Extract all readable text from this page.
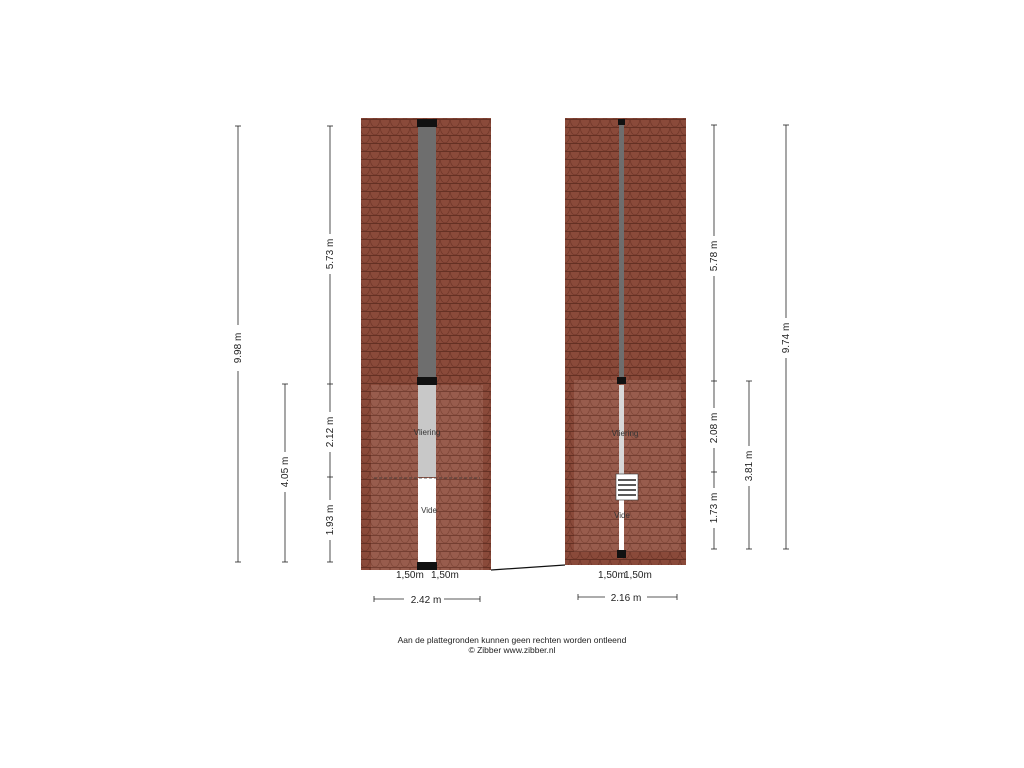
Vliering
Vide
1,50m 1,50m
Vliering
Vide
1,50m
1,50m
9.98 m
4.05 m
5.73 m
2.12 m
1.93 m
2.42 m
5.78 m
2.08 m
1.73 m
3.81 m
9.74 m
2.16 m
Aan de plattegronden kunnen geen rechten worden ontleend
© Zibber www.zibber.nl
